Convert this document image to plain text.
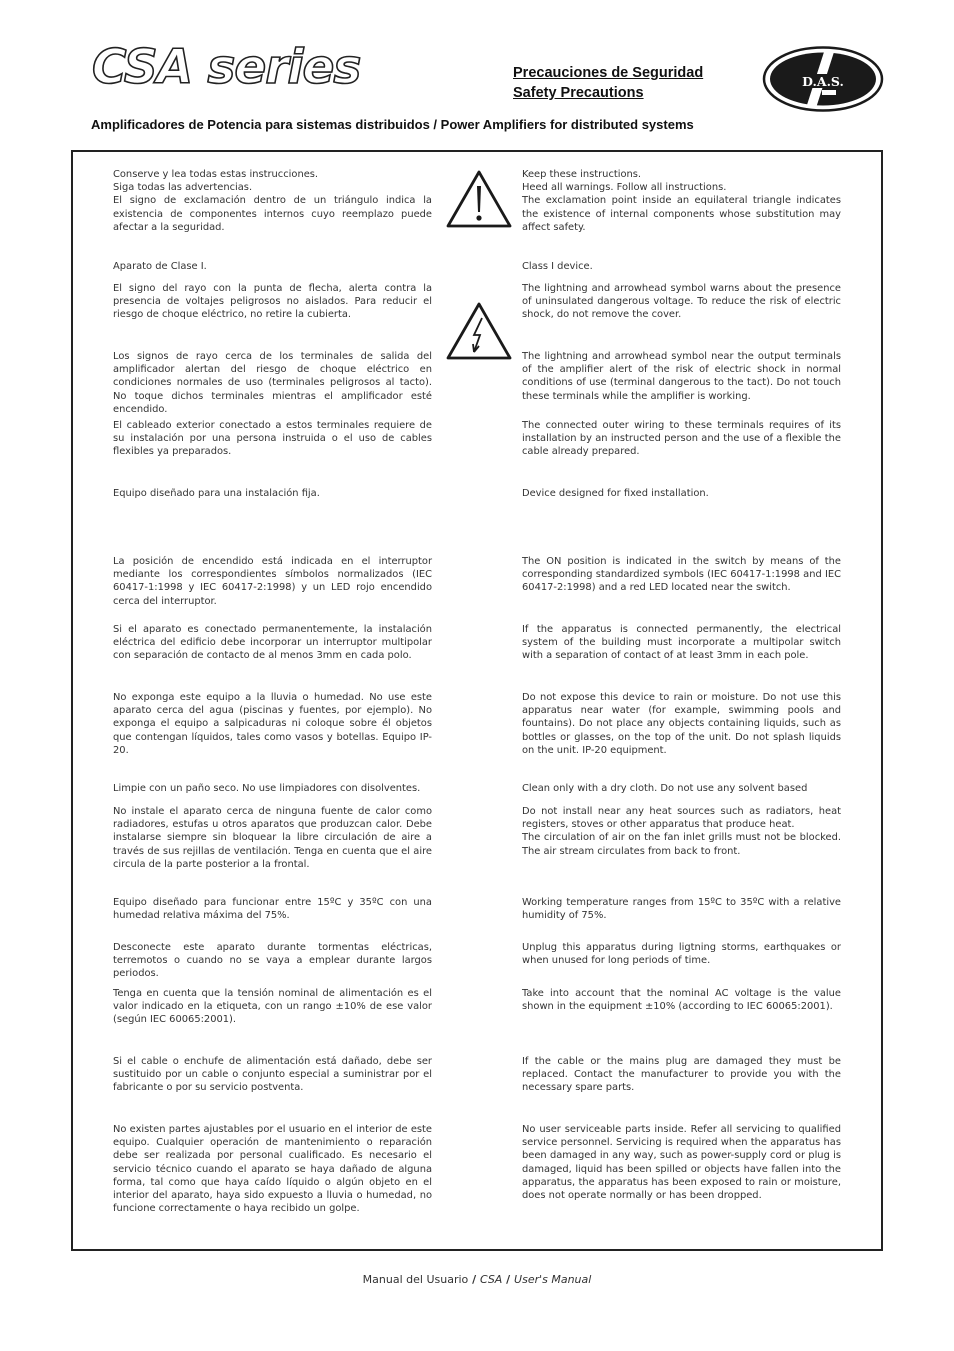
CSA series	Precauciones de Seguridad
Safety Precautions
D.A.S.
Amplificadores de Potencia para sistemas distribuidos / Power Amplifiers for distributed systems
Conserve y lea todas estas instrucciones.
Siga todas las advertencias.
El signo de exclamación dentro de un triángulo indica la existencia de componentes internos cuyo reemplazo puede afectar a la seguridad.
Keep these instructions.
Heed all warnings. Follow all instructions.
The exclamation point inside an equilateral triangle indicates the existence of internal components whose substitution may affect safety.
Aparato de Clase I.	Class I device.
El signo del rayo con la punta de flecha, alerta contra la presencia de voltajes peligrosos no aislados. Para reducir el riesgo de choque eléctrico, no retire la cubierta.
The lightning and arrowhead symbol warns about the presence of uninsulated dangerous voltage. To reduce the risk of electric shock, do not remove the cover.
Los signos de rayo cerca de los terminales de salida del amplificador alertan del riesgo de choque eléctrico en condiciones normales de uso (terminales peligrosos al tacto). No toque dichos terminales mientras el amplificador esté encendido.
The lightning and arrowhead symbol near the output terminals of the amplifier alert of the risk of electric shock in normal conditions of use (terminal dangerous to the tact). Do not touch these terminals while the amplifier is working.
El cableado exterior conectado a estos terminales requiere de su instalación por una persona instruida o el uso de cables flexibles ya preparados.
The connected outer wiring to these terminals requires of its installation by an instructed person and the use of a flexible the cable already prepared.
Equipo diseñado para una instalación fija.	Device designed for fixed installation.
La posición de encendido está indicada en el interruptor mediante los correspondientes símbolos normalizados (IEC 60417-1:1998 y IEC 60417-2:1998) y un LED rojo encendido cerca del interruptor.
The ON position is indicated in the switch by means of the corresponding standardized symbols (IEC 60417-1:1998 and IEC 60417-2:1998) and a red LED located near the switch.
Si el aparato es conectado permanentemente, la instalación eléctrica del edificio debe incorporar un interruptor multipolar con separación de contacto de al menos 3mm en cada polo.
If the apparatus is connected permanently, the electrical system of the building must incorporate a multipolar switch with a separation of contact of at least 3mm in each pole.
No exponga este equipo a la lluvia o humedad. No use este aparato cerca del agua (piscinas y fuentes, por ejemplo). No exponga el equipo a salpicaduras ni coloque sobre él objetos que contengan líquidos, tales como vasos y botellas. Equipo IP-20.
Do not expose this device to rain or moisture. Do not use this apparatus near water (for example, swimming pools and fountains). Do not place any objects containing liquids, such as bottles or glasses, on the top of the unit. Do not splash liquids on the unit. IP-20 equipment.
Limpie con un paño seco. No use limpiadores con disolventes.	Clean only with a dry cloth. Do not use any solvent based
No instale el aparato cerca de ninguna fuente de calor como radiadores, estufas u otros aparatos que produzcan calor. Debe instalarse siempre sin bloquear la libre circulación de aire a través de sus rejillas de ventilación. Tenga en cuenta que el aire circula de la parte posterior a la frontal.
Do not install near any heat sources such as radiators, heat registers, stoves or other apparatus that produce heat.
The circulation of air on the fan inlet grills must not be blocked. The air stream circulates from back to front.
Equipo diseñado para funcionar entre 15ºC y 35ºC con una humedad relativa máxima del 75%.
Working temperature ranges from 15ºC to 35ºC with a relative humidity of 75%.
Desconecte este aparato durante tormentas eléctricas, terremotos o cuando no se vaya a emplear durante largos periodos.
Unplug this apparatus during ligtning storms, earthquakes or when unused for long periods of time.
Tenga en cuenta que la tensión nominal de alimentación es el valor indicado en la etiqueta, con un rango ±10% de ese valor (según IEC 60065:2001).
Take into account that the nominal AC voltage is the value shown in the equipment ±10% (according to IEC 60065:2001).
Si el cable o enchufe de alimentación está dañado, debe ser sustituido por un cable o conjunto especial a suministrar por el fabricante o por su servicio postventa.
If the cable or the mains plug are damaged they must be replaced. Contact the manufacturer to provide you with the necessary spare parts.
No existen partes ajustables por el usuario en el interior de este equipo. Cualquier operación de mantenimiento o reparación debe ser realizada por personal cualificado. Es necesario el servicio técnico cuando el aparato se haya dañado de alguna forma, tal como que haya caído líquido o algún objeto en el interior del aparato, haya sido expuesto a lluvia o humedad, no funcione correctamente o haya recibido un golpe.
No user serviceable parts inside. Refer all servicing to qualified service personnel. Servicing is required when the apparatus has been damaged in any way, such as power-supply cord or plug is damaged, liquid has been spilled or objects have fallen into the apparatus, the apparatus has been exposed to rain or moisture, does not operate normally or has been dropped.
Manual del Usuario / CSA / User's Manual
